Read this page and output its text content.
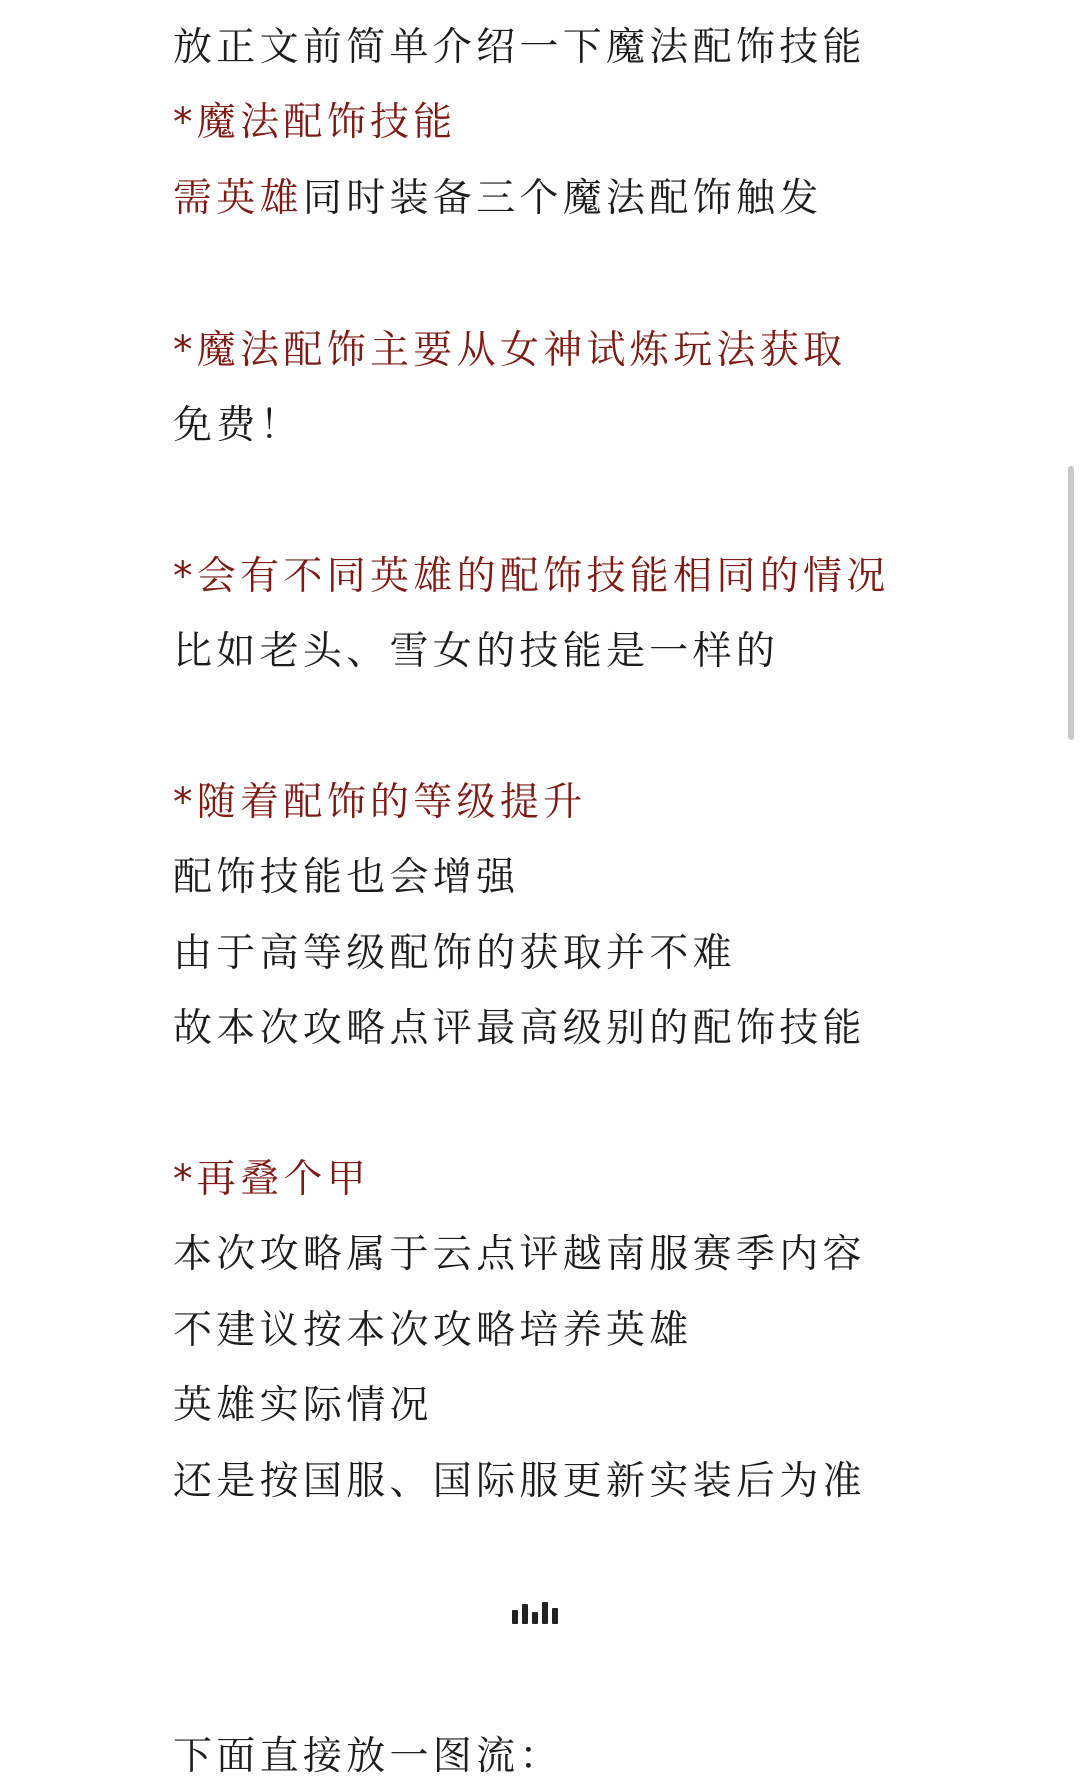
放正文前简单介绍一下魔法配饰技能
*魔法配饰技能
需英雄同时装备三个魔法配饰触发
*魔法配饰主要从女神试炼玩法获取
免费！
*会有不同英雄的配饰技能相同的情况
比如老头、雪女的技能是一样的
*随着配饰的等级提升
配饰技能也会增强
由于高等级配饰的获取并不难
故本次攻略点评最高级别的配饰技能
*再叠个甲
本次攻略属于云点评越南服赛季内容
不建议按本次攻略培养英雄
英雄实际情况
还是按国服、国际服更新实装后为准
下面直接放一图流：
